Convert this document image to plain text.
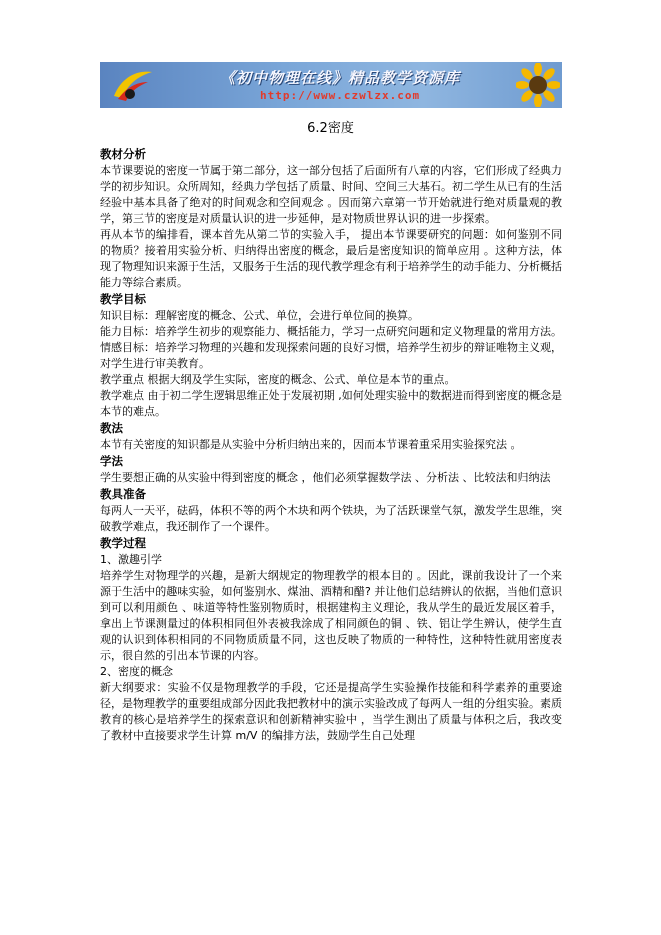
《初中物理在线》精品教学资源库
http://www.czwlzx.com
6.2密度

教材分析

本节课要说的密度一节属于第二部分，这一部分包括了后面所有八章的内容，它们形成了经典力学的初步知识。众所周知，经典力学包括了质量、时间、空间三大基石。初二学生从已有的生活经验中基本具备了绝对的时间观念和空间观念 。因而第六章第一节开始就进行绝对质量观的教学，第三节的密度是对质量认识的进一步延伸，是对物质世界认识的进一步探索。

再从本节的编排看，课本首先从第二节的实验入手， 提出本节课要研究的问题：如何鉴别不同的物质？接着用实验分析、归纳得出密度的概念，最后是密度知识的简单应用 。这种方法，体现了物理知识来源于生活，又服务于生活的现代教学理念有利于培养学生的动手能力、分析概括能力等综合素质。

教学目标

知识目标：理解密度的概念、公式、单位，会进行单位间的换算。

能力目标：培养学生初步的观察能力、概括能力，学习一点研究问题和定义物理量的常用方法。

情感目标：培养学习物理的兴趣和发现探索问题的良好习惯，培养学生初步的辩证唯物主义观，对学生进行审美教育。

教学重点 根据大纲及学生实际，密度的概念、公式、单位是本节的重点。

教学难点 由于初二学生逻辑思维正处于发展初期 ,如何处理实验中的数据进而得到密度的概念是本节的难点。

教法

本节有关密度的知识都是从实验中分析归纳出来的，因而本节课着重采用实验探究法 。

学法

学生要想正确的从实验中得到密度的概念 ，他们必须掌握数学法 、分析法 、比较法和归纳法

教具准备

每两人一天平，砝码，体积不等的两个木块和两个铁块，为了活跃课堂气氛，激发学生思维，突破教学难点，我还制作了一个课件。

教学过程

1、激趣引学

培养学生对物理学的兴趣，是新大纲规定的物理教学的根本目的 。因此，课前我设计了一个来源于生活中的趣味实验，如何鉴别水、煤油、酒精和醋? 并让他们总结辨认的依据，当他们意识到可以利用颜色 、味道等特性鉴别物质时，根据建构主义理论，我从学生的最近发展区着手，拿出上节课测量过的体积相同但外表被我涂成了相同颜色的铜 、铁、铝让学生辨认，使学生直观的认识到体积相同的不同物质质量不同，这也反映了物质的一种特性，这种特性就用密度表示，很自然的引出本节课的内容。

2、密度的概念

新大纲要求：实验不仅是物理教学的手段，它还是提高学生实验操作技能和科学素养的重要途径，是物理教学的重要组成部分因此我把教材中的演示实验改成了每两人一组的分组实验。素质教育的核心是培养学生的探索意识和创新精神实验中 ，当学生测出了质量与体积之后，我改变了教材中直接要求学生计算 m/V 的编排方法，鼓励学生自己处理
